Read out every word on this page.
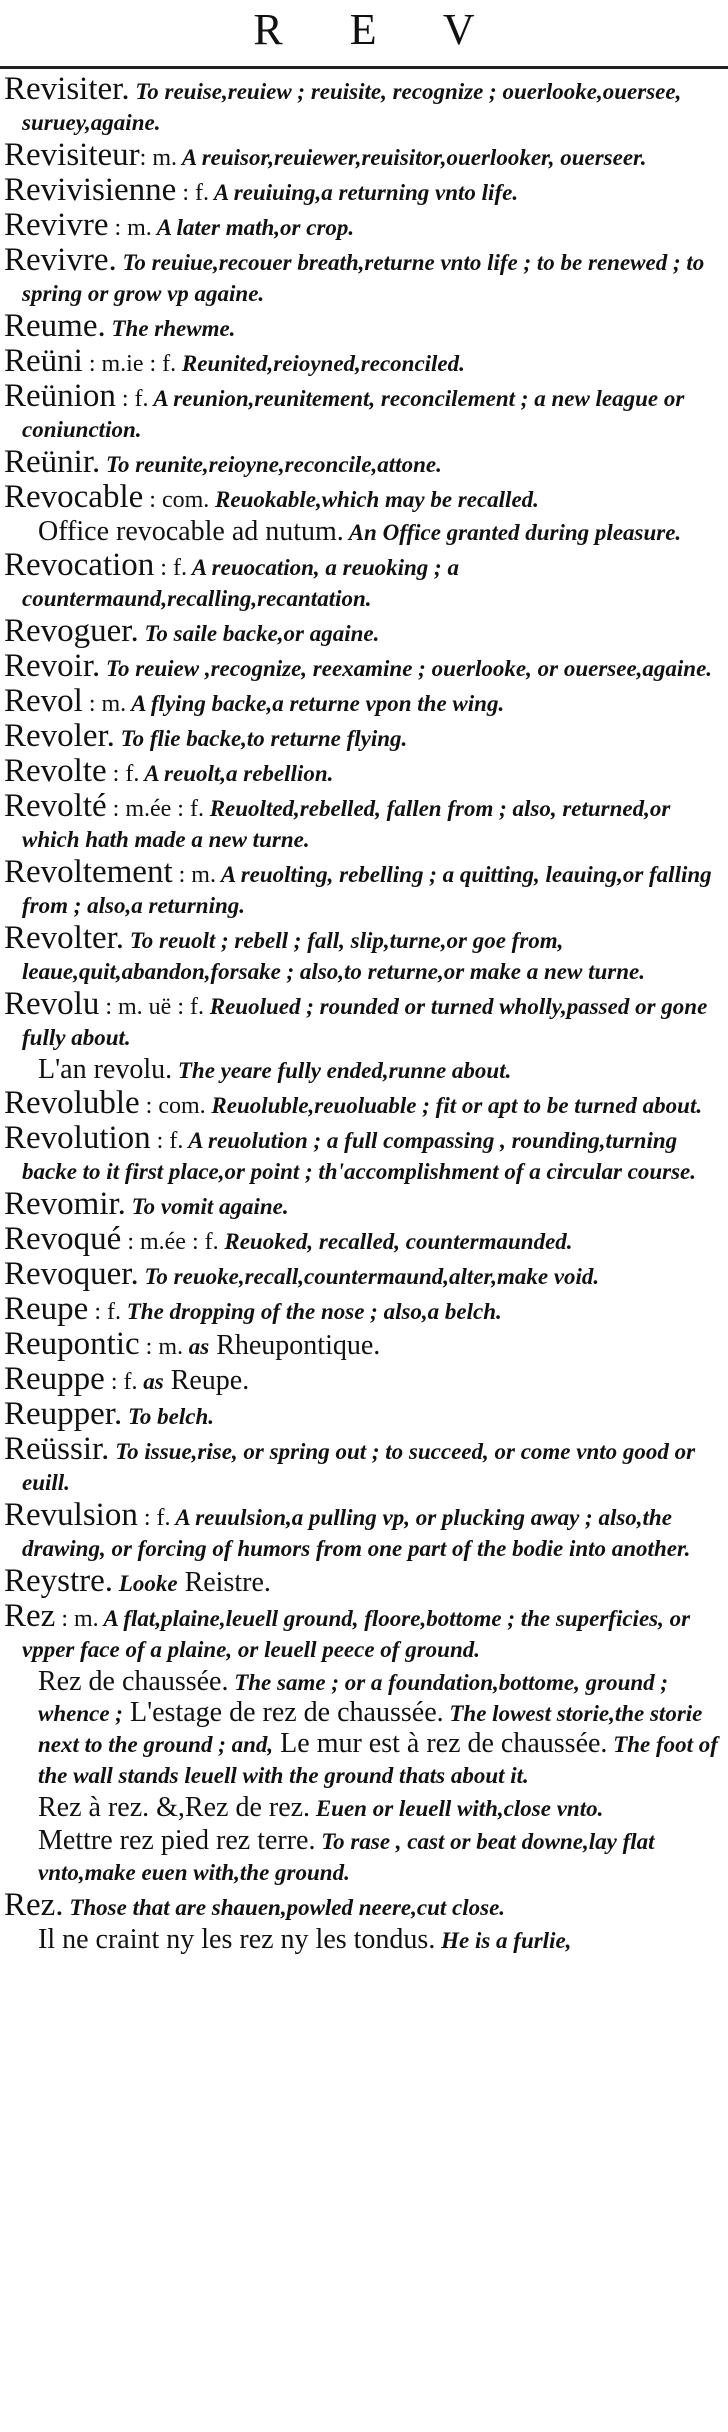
R E V
Revisiter. To reuise,reuiew ; reuisite, recognize ; ouerlooke,ouersee, suruey,againe.
Revisiteur: m. A reuisor,reuiewer,reuisitor,ouerlooker, ouerseer.
Revivisienne : f. A reuiuing,a returning vnto life.
Revivre : m. A later math,or crop.
Revivre. To reuiue,recouer breath,returne vnto life ; to be renewed ; to spring or grow vp againe.
Reume. The rhewme.
Reüni : m.ie : f. Reunited,reioyned,reconciled.
Reünion : f. A reunion,reunitement, reconcilement ; a new league or coniunction.
Reünir. To reunite,reioyne,reconcile,attone.
Revocable : com. Reuokable,which may be recalled.
Office revocable ad nutum. An Office granted during pleasure.
Revocation : f. A reuocation, a reuoking ; a countermaund,recalling,recantation.
Revoguer. To saile backe,or againe.
Revoir. To reuiew ,recognize, reexamine ; ouerlooke, or ouersee,againe.
Revol : m. A flying backe,a returne vpon the wing.
Revoler. To flie backe,to returne flying.
Revolte : f. A reuolt,a rebellion.
Revolté : m.ée : f. Reuolted,rebelled, fallen from ; also, returned,or which hath made a new turne.
Revoltement : m. A reuolting, rebelling ; a quitting, leauing,or falling from ; also,a returning.
Revolter. To reuolt ; rebell ; fall, slip,turne,or goe from, leaue,quit,abandon,forsake ; also,to returne,or make a new turne.
Revolu : m. uë : f. Reuolued ; rounded or turned wholly,passed or gone fully about.
L'an revolu. The yeare fully ended,runne about.
Revoluble : com. Reuoluble,reuoluable ; fit or apt to be turned about.
Revolution : f. A reuolution ; a full compassing , rounding,turning backe to it first place,or point ; th'accomplishment of a circular course.
Revomir. To vomit againe.
Revoqué : m.ée : f. Reuoked, recalled, countermaunded.
Revoquer. To reuoke,recall,countermaund,alter,make void.
Reupe : f. The dropping of the nose ; also,a belch.
Reupontic : m. as Rheupontique.
Reuppe : f. as Reupe.
Reupper. To belch.
Reüssir. To issue,rise, or spring out ; to succeed, or come vnto good or euill.
Revulsion : f. A reuulsion,a pulling vp, or plucking away ; also,the drawing, or forcing of humors from one part of the bodie into another.
Reystre. Looke Reistre.
Rez : m. A flat,plaine,leuell ground, floore,bottome ; the superficies, or vpper face of a plaine, or leuell peece of ground.
Rez de chaussée. The same ; or a foundation,bottome, ground ; whence ; L'estage de rez de chaussée. The lowest storie,the storie next to the ground ; and, Le mur est à rez de chaussée. The foot of the wall stands leuell with the ground thats about it.
Rez à rez. &,Rez de rez. Euen or leuell with,close vnto.
Mettre rez pied rez terre. To rase , cast or beat downe,lay flat vnto,make euen with,the ground.
Rez. Those that are shauen,powled neere,cut close.
Il ne craint ny les rez ny les tondus. He is a furlie,
